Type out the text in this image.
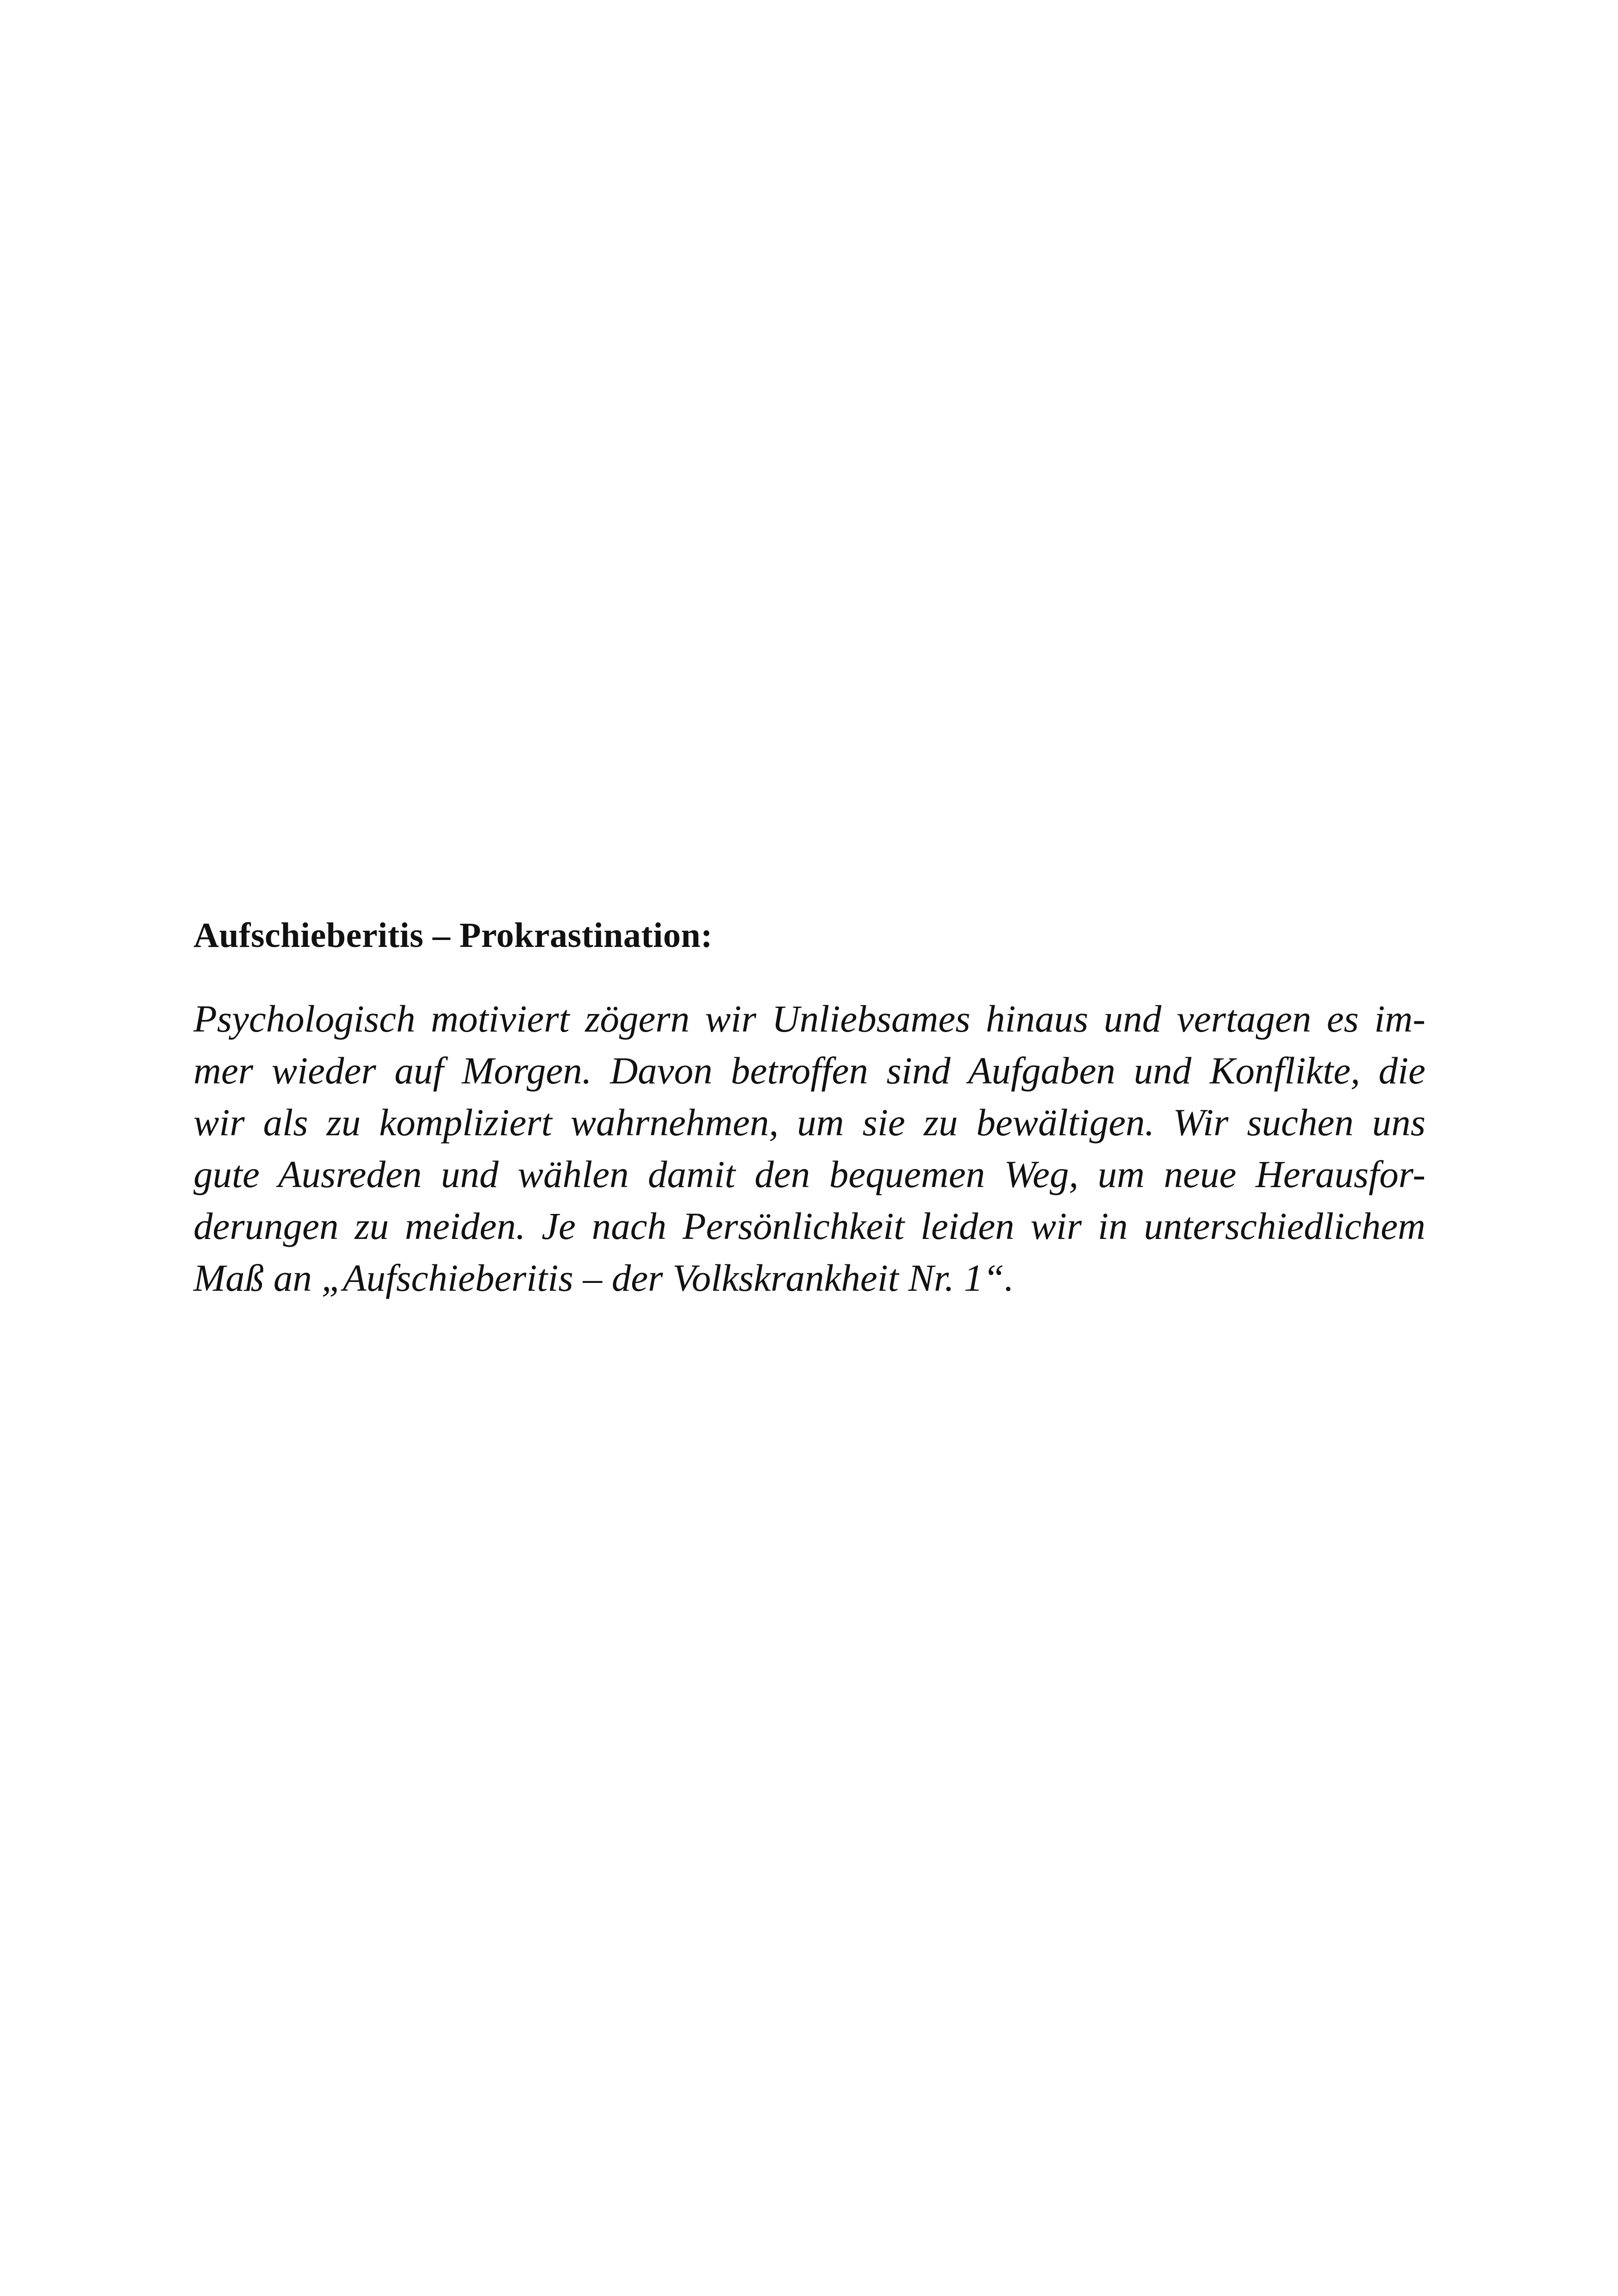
Aufschieberitis – Prokrastination:

Psychologisch motiviert zögern wir Unliebsames hinaus und vertagen es im-
mer wieder auf Morgen. Davon betroffen sind Aufgaben und Konflikte, die
wir als zu kompliziert wahrnehmen, um sie zu bewältigen. Wir suchen uns
gute Ausreden und wählen damit den bequemen Weg, um neue Herausfor-
derungen zu meiden. Je nach Persönlichkeit leiden wir in unterschiedlichem
Maß an „Aufschieberitis – der Volkskrankheit Nr. 1“.
